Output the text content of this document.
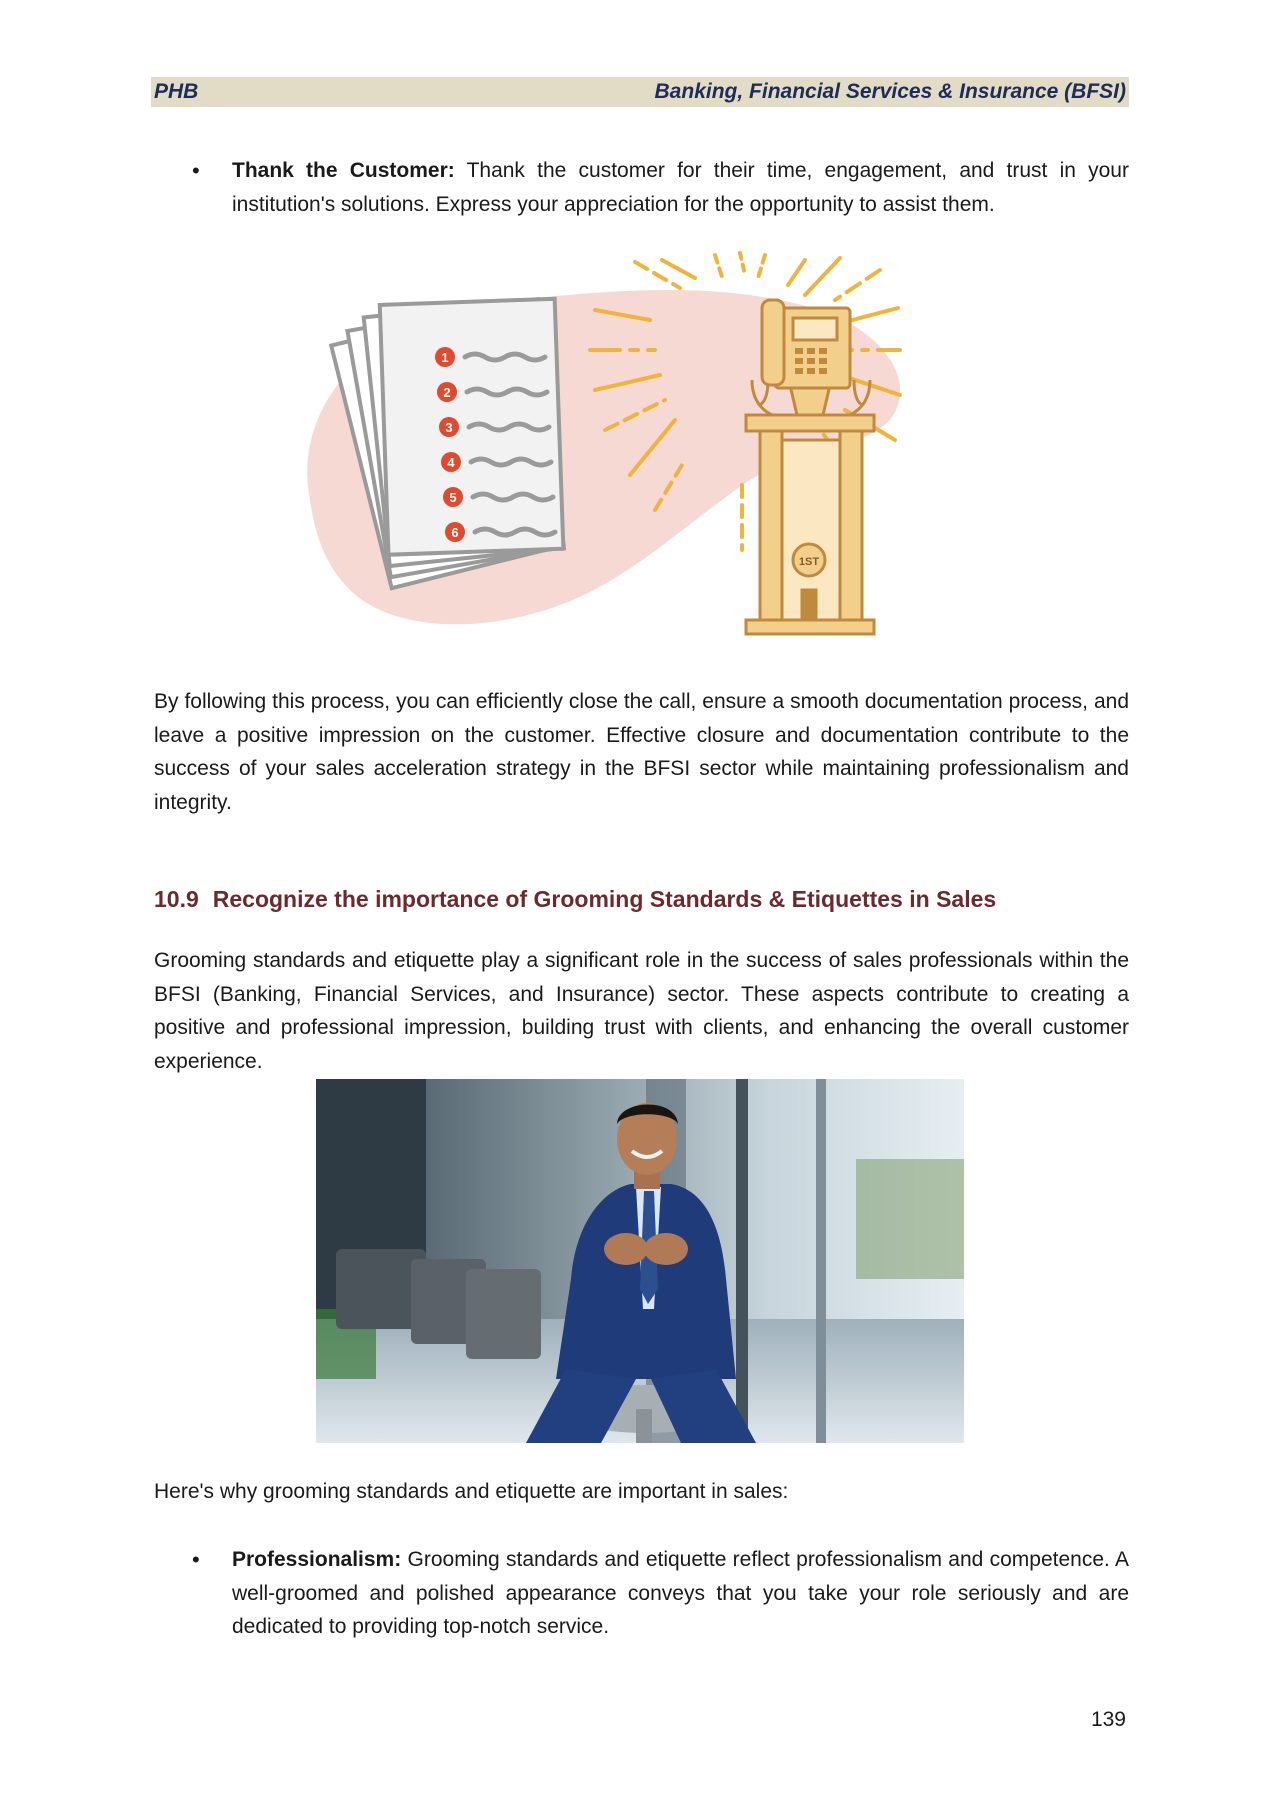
PHB	Banking, Financial Services & Insurance (BFSI)
• Thank the Customer: Thank the customer for their time, engagement, and trust in your institution's solutions. Express your appreciation for the opportunity to assist them.
1
2
3
4
5
6
1ST
By following this process, you can efficiently close the call, ensure a smooth documentation process, and leave a positive impression on the customer. Effective closure and documentation contribute to the success of your sales acceleration strategy in the BFSI sector while maintaining professionalism and integrity.
10.9 Recognize the importance of Grooming Standards & Etiquettes in Sales
Grooming standards and etiquette play a significant role in the success of sales professionals within the BFSI (Banking, Financial Services, and Insurance) sector. These aspects contribute to creating a positive and professional impression, building trust with clients, and enhancing the overall customer experience.
Here's why grooming standards and etiquette are important in sales:
• Professionalism: Grooming standards and etiquette reflect professionalism and competence. A well-groomed and polished appearance conveys that you take your role seriously and are dedicated to providing top-notch service.
139
